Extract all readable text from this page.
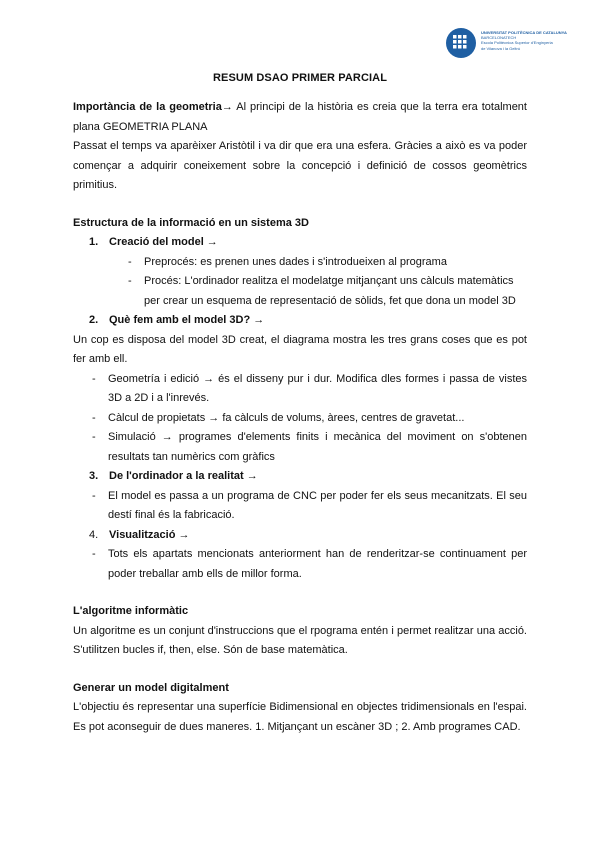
UNIVERSITAT POLITÈCNICA DE CATALUNYA
BARCELONATECH
Escola Politècnica Superior d'Enginyeria
de Vilanova i la Geltrú
RESUM DSAO PRIMER PARCIAL

Importància de la geometria→ Al principi de la història es creia que la terra era totalment plana GEOMETRIA PLANA

Passat el temps va aparèixer Aristòtil i va dir que era una esfera. Gràcies a això es va poder començar a adquirir coneixement sobre la concepció i definició de cossos geomètrics primitius.

Estructura de la informació en un sistema 3D

1. Creació del model →

- Preprocés: es prenen unes dades i s'introdueixen al programa

- Procés: L'ordinador realitza el modelatge mitjançant uns càlculs matemàtics per crear un esquema de representació de sòlids, fet que dona un model 3D

2. Què fem amb el model 3D? →

Un cop es disposa del model 3D creat, el diagrama mostra les tres grans coses que es pot fer amb ell.

- Geometría i edició → és el disseny pur i dur. Modifica dles formes i passa de vistes 3D a 2D i a l'inrevés.

- Càlcul de propietats → fa càlculs de volums, àrees, centres de gravetat...

- Simulació → programes d'elements finits i mecànica del moviment on s'obtenen resultats tan numèrics com gràfics

3. De l'ordinador a la realitat →

- El model es passa a un programa de CNC per poder fer els seus mecanitzats. El seu destí final és la fabricació.

4. Visualització →

- Tots els apartats mencionats anteriorment han de renderitzar-se continuament per poder treballar amb ells de millor forma.

L'algoritme informàtic

Un algoritme es un conjunt d'instruccions que el rpograma entén i permet realitzar una acció. S'utilitzen bucles if, then, else. Són de base matemàtica.

Generar un model digitalment

L'objectiu és representar una superfície Bidimensional en objectes tridimensionals en l'espai. Es pot aconseguir de dues maneres. 1. Mitjançant un escàner 3D ; 2. Amb programes CAD.
